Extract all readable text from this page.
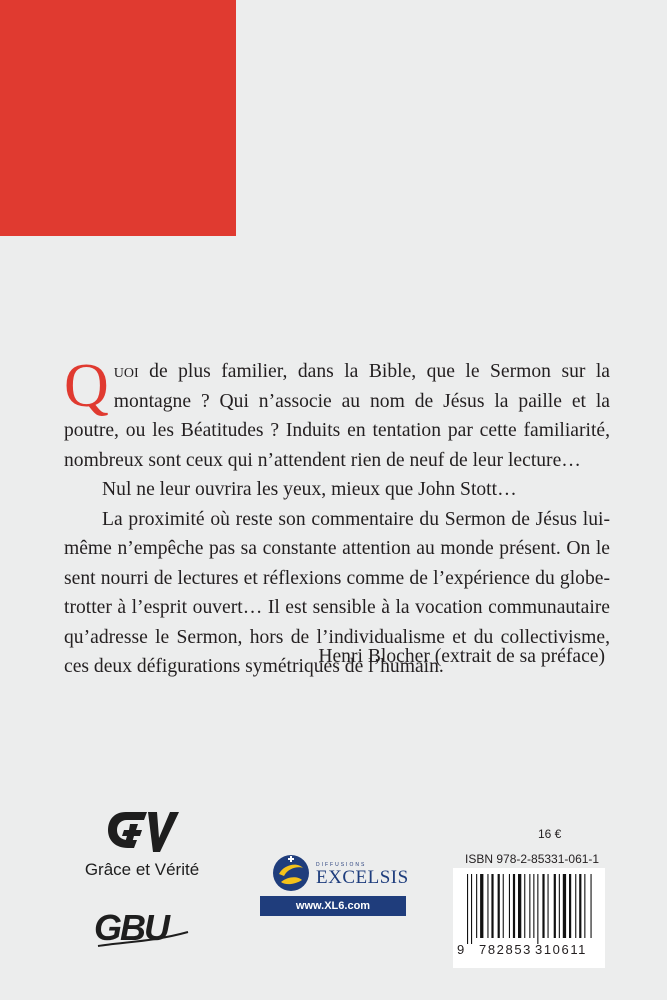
Quoi de plus familier, dans la Bible, que le Sermon sur la montagne ? Qui n’associe au nom de Jésus la paille et la poutre, ou les Béatitudes ? Induits en tentation par cette familiarité, nombreux sont ceux qui n’attendent rien de neuf de leur lecture…

Nul ne leur ouvrira les yeux, mieux que John Stott…

La proximité où reste son commentaire du Sermon de Jésus lui-même n’empêche pas sa constante attention au monde présent. On le sent nourri de lectures et réflexions comme de l’expérience du globe-trotter à l’esprit ouvert… Il est sensible à la vocation communautaire qu’adresse le Sermon, hors de l’individualisme et du collectivisme, ces deux défigurations symétriques de l’humain.

Henri Blocher (extrait de sa préface)
Grâce et Vérité
GBU
DIFFUSIONS
EXCELSIS
www.XL6.com
16 €
ISBN 978-2-85331-061-1
9 782853 310611
